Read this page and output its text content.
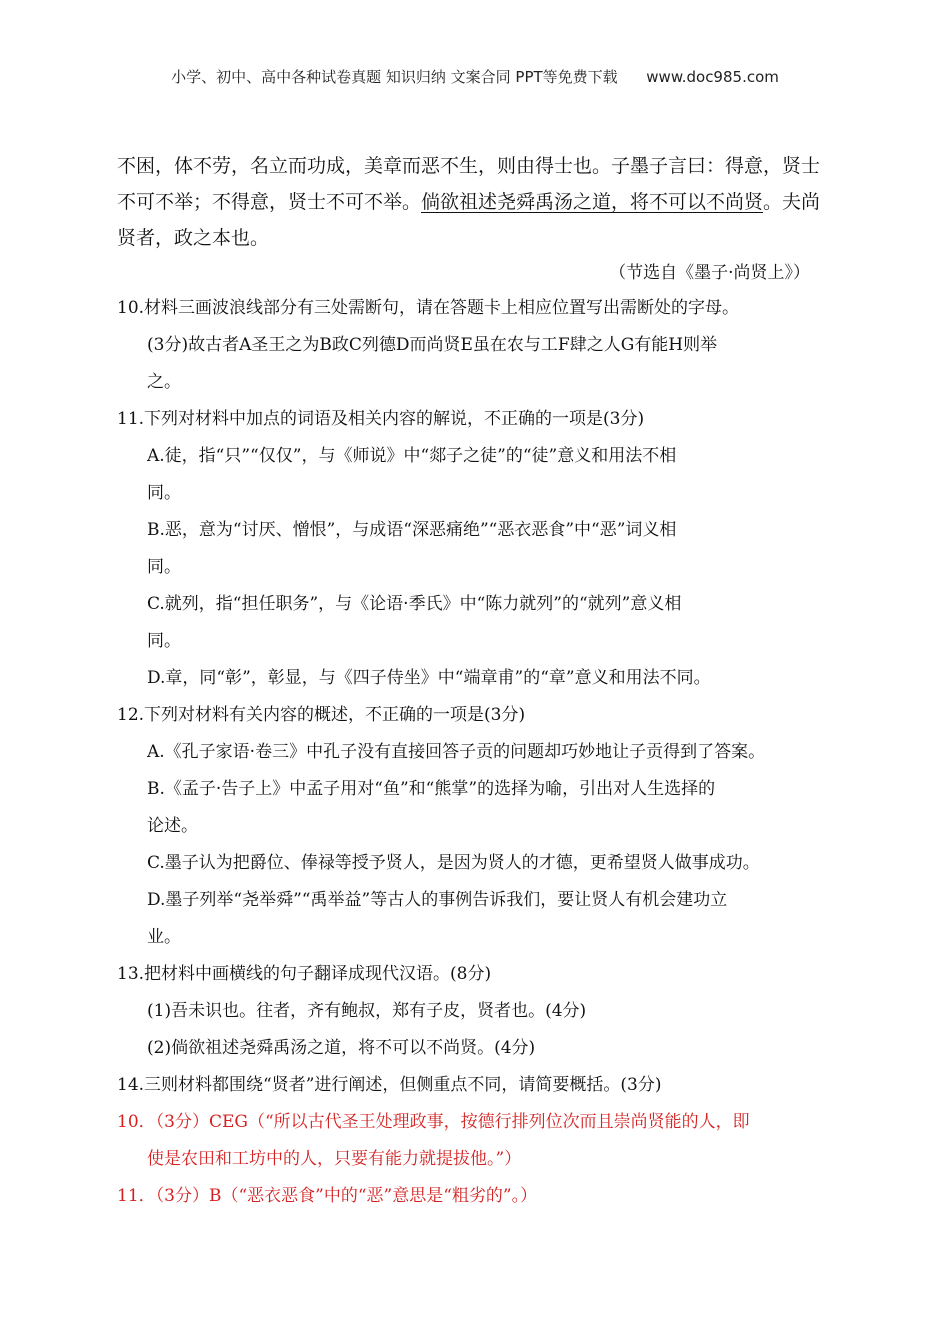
小学、初中、高中各种试卷真题 知识归纳 文案合同 PPT等免费下载      www.doc985.com
不困，体不劳，名立而功成，美章而恶不生，则由得士也。子墨子言曰：得意，贤士
不可不举；不得意，贤士不可不举。倘欲祖述尧舜禹汤之道，将不可以不尚贤。夫尚
贤者，政之本也。
（节选自《墨子·尚贤上》）
10.材料三画波浪线部分有三处需断句，请在答题卡上相应位置写出需断处的字母。
(3分)故古者A圣王之为B政C列德D而尚贤E虽在农与工F肆之人G有能H则举
之。
11.下列对材料中加点的词语及相关内容的解说，不正确的一项是(3分)
A.徒，指“只”“仅仅”，与《师说》中“郯子之徒”的“徒”意义和用法不相
同。
B.恶，意为“讨厌、憎恨”，与成语“深恶痛绝”“恶衣恶食”中“恶”词义相
同。
C.就列，指“担任职务”，与《论语·季氏》中“陈力就列”的“就列”意义相
同。
D.章，同“彰”，彰显，与《四子侍坐》中“端章甫”的“章”意义和用法不同。
12.下列对材料有关内容的概述，不正确的一项是(3分)
A.《孔子家语·卷三》中孔子没有直接回答子贡的问题却巧妙地让子贡得到了答案。
B.《孟子·告子上》中孟子用对“鱼”和“熊掌”的选择为喻，引出对人生选择的
论述。
C.墨子认为把爵位、俸禄等授予贤人，是因为贤人的才德，更希望贤人做事成功。
D.墨子列举“尧举舜”“禹举益”等古人的事例告诉我们，要让贤人有机会建功立
业。
13.把材料中画横线的句子翻译成现代汉语。(8分)
(1)吾未识也。往者，齐有鲍叔，郑有子皮，贤者也。(4分)
(2)倘欲祖述尧舜禹汤之道，将不可以不尚贤。(4分)
14.三则材料都围绕“贤者”进行阐述，但侧重点不同，请简要概括。(3分)
10．（3分）CEG（“所以古代圣王处理政事，按德行排列位次而且崇尚贤能的人，即
使是农田和工坊中的人，只要有能力就提拔他。”）
11．（3分）B（“恶衣恶食”中的“恶”意思是“粗劣的”。）
